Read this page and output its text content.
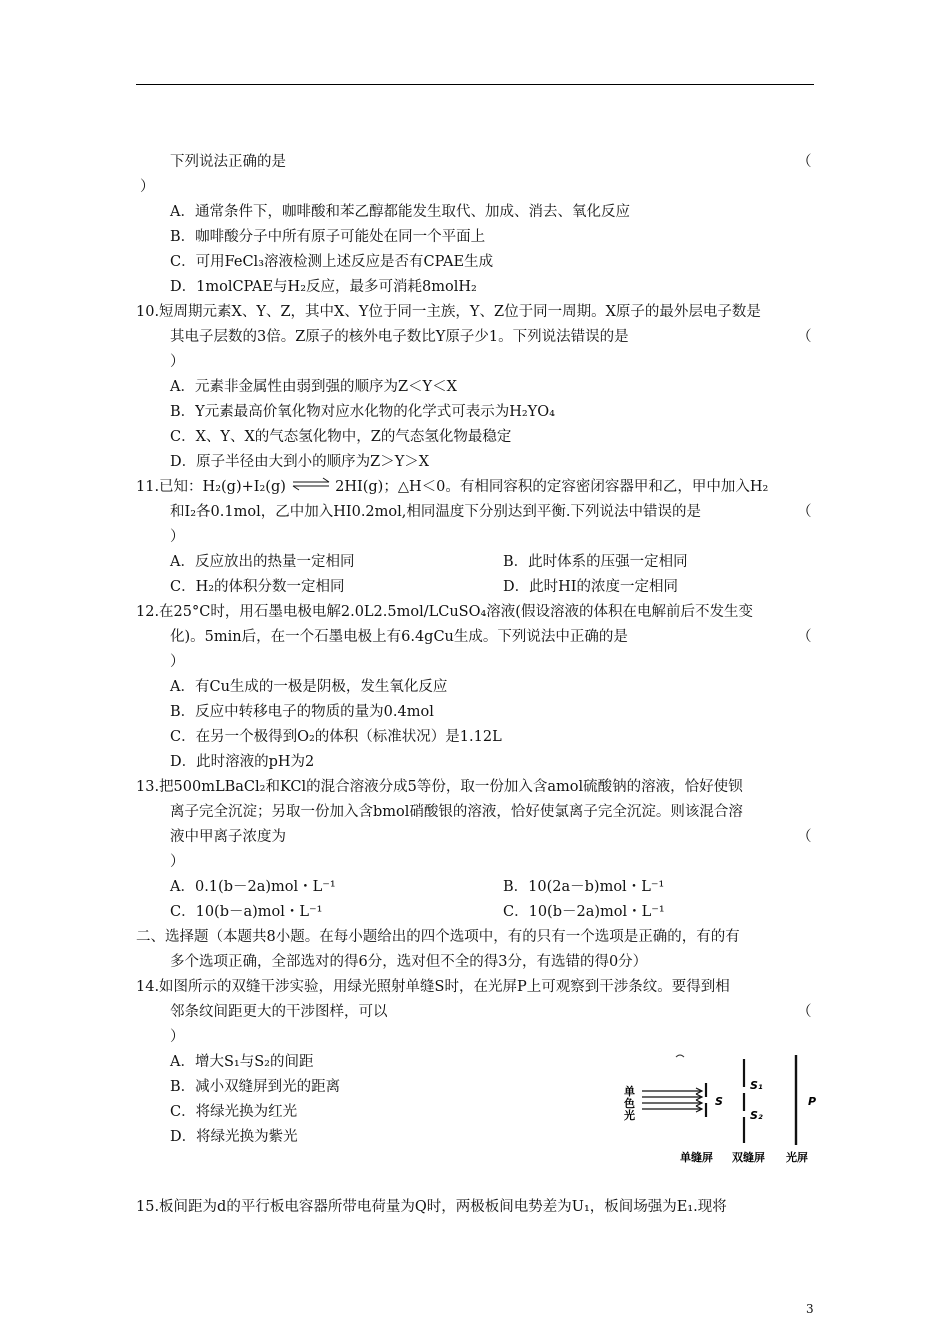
下列说法正确的是	（
）
A．通常条件下，咖啡酸和苯乙醇都能发生取代、加成、消去、氧化反应
B．咖啡酸分子中所有原子可能处在同一个平面上
C．可用FeCl₃溶液检测上述反应是否有CPAE生成
D．1molCPAE与H₂反应，最多可消耗8molH₂
10.短周期元素X、Y、Z，其中X、Y位于同一主族，Y、Z位于同一周期。X原子的最外层电子数是
其电子层数的3倍。Z原子的核外电子数比Y原子少1。下列说法错误的是	（
）
A．元素非金属性由弱到强的顺序为Z＜Y＜X
B．Y元素最高价氧化物对应水化物的化学式可表示为H₂YO₄
C．X、Y、X的气态氢化物中，Z的气态氢化物最稳定
D．原子半径由大到小的顺序为Z＞Y＞X
11.已知：H₂(g)+I₂(g) ⇌ 2HI(g)；△H＜0。有相同容积的定容密闭容器甲和乙，甲中加入H₂
和I₂各0.1mol，乙中加入HI0.2mol,相同温度下分别达到平衡.下列说法中错误的是	（
）
A．反应放出的热量一定相同	B．此时体系的压强一定相同
C．H₂的体积分数一定相同	D．此时HI的浓度一定相同
12.在25°C时，用石墨电极电解2.0L2.5mol/LCuSO₄溶液(假设溶液的体积在电解前后不发生变
化)。5min后，在一个石墨电极上有6.4gCu生成。下列说法中正确的是	（
）
A．有Cu生成的一极是阴极，发生氧化反应
B．反应中转移电子的物质的量为0.4mol
C．在另一个极得到O₂的体积（标准状况）是1.12L
D．此时溶液的pH为2
13.把500mLBaCl₂和KCl的混合溶液分成5等份，取一份加入含amol硫酸钠的溶液，恰好使钡
离子完全沉淀；另取一份加入含bmol硝酸银的溶液，恰好使氯离子完全沉淀。则该混合溶
液中甲离子浓度为	（
）
A．0.1(b－2a)mol・L⁻¹	B．10(2a－b)mol・L⁻¹
C．10(b－a)mol・L⁻¹	C．10(b－2a)mol・L⁻¹
二、选择题（本题共8小题。在每小题给出的四个选项中，有的只有一个选项是正确的，有的有
多个选项正确，全部选对的得6分，选对但不全的得3分，有选错的得0分）
14.如图所示的双缝干涉实验，用绿光照射单缝S时，在光屏P上可观察到干涉条纹。要得到相
邻条纹间距更大的干涉图样，可以	（
）
A．增大S₁与S₂的间距
B．减小双缝屏到光的距离
C．将绿光换为红光
D．将绿光换为紫光
单
色
光
S
S₁
S₂
P
单缝屏 双缝屏 光屏
15.板间距为d的平行板电容器所带电荷量为Q时，两极板间电势差为U₁，板间场强为E₁.现将
3
